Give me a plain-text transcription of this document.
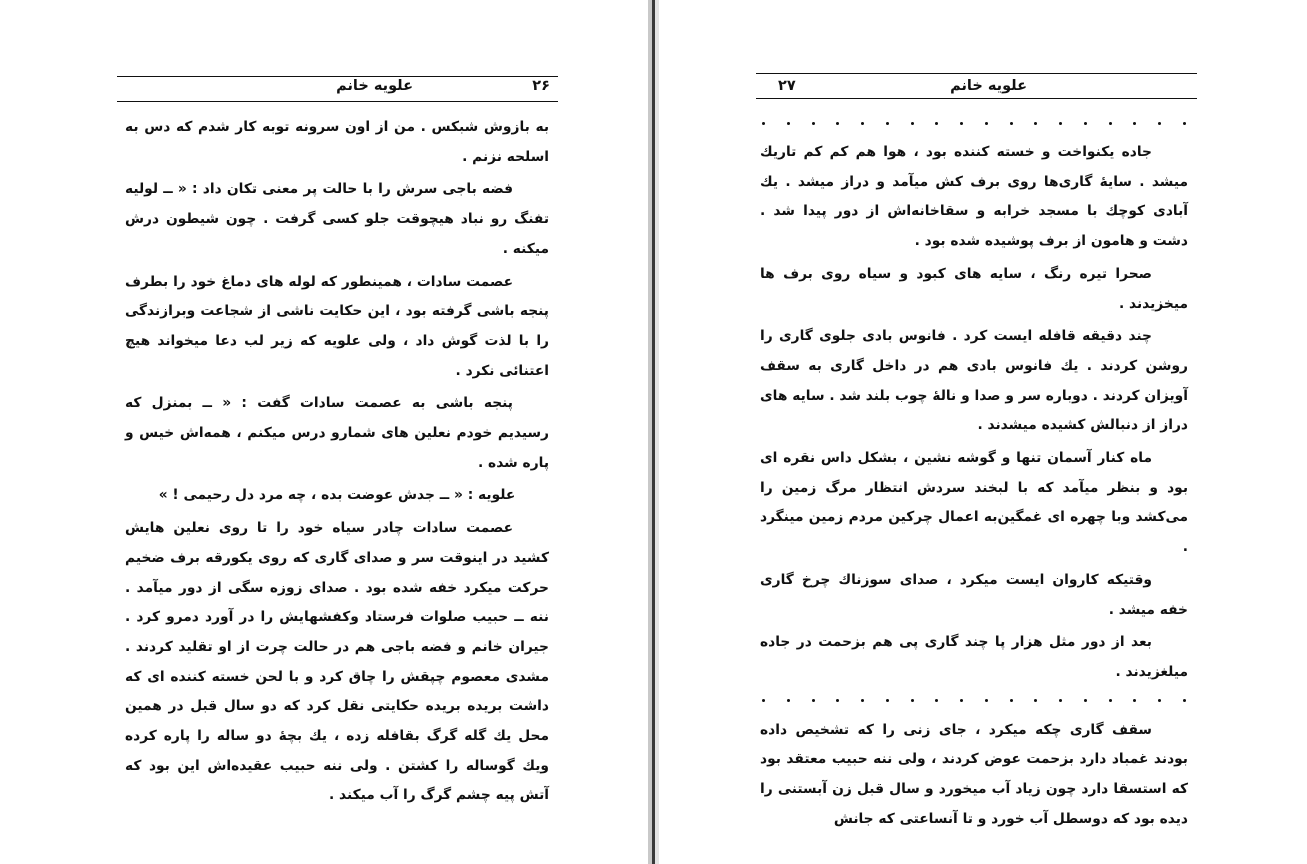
علویه خانم	۲۶

به بازوش شبکس . من از اون سرونه توبه کار شدم که دس به اسلحه نزنم .

فضه باجی سرش را با حالت پر معنی تکان داد : « ــ لولیه تفنگ رو نباد هیچوقت جلو کسی گرفت . چون شیطون درش میکنه .

عصمت سادات ، همینطور که لوله های دماغ خود را بطرف پنجه باشی گرفته بود ، این حکایت ناشی از شجاعت وبرازندگی را با لذت گوش داد ، ولی علویه که زیر لب دعا میخواند هیچ اعتنائی نکرد .

پنجه باشی به عصمت سادات گفت : « ــ بمنزل که رسیدیم خودم نعلین های شمارو درس میکنم ، همه‌اش خیس و پاره شده .

علویه : « ــ جدش عوضت بده ، چه مرد دل رحیمی ! »

عصمت سادات چادر سیاه خود را تا روی نعلین هایش کشید در اینوقت سر و صدای گاری که روی یکورقه برف ضخیم حرکت میکرد خفه شده بود . صدای زوزه سگی از دور میآمد . ننه ــ حبیب صلوات فرستاد وکفشهایش را در آورد دمرو کرد . جیران خانم و فضه باجی هم در حالت چرت از او تقلید کردند . مشدی معصوم چپقش را چاق کرد و با لحن خسته کننده ای که داشت بریده بریده حکایتی نقل کرد که دو سال قبل در همین محل یك گله گرگ بقافله زده ، یك بچهٔ دو ساله را پاره کرده ویك گوساله را کشتن . ولی ننه حبیب عقیده‌اش این بود که آتش پیه چشم گرگ را آب میکند .

علویه خانم
۲۷

جاده یکنواخت و خسته کننده بود ، هوا هم کم کم تاریك میشد . سایهٔ گاری‌ها روی برف کش میآمد و دراز میشد . یك آبادی کوچك با مسجد خرابه و سقاخانه‌اش از دور پیدا شد . دشت و هامون از برف پوشیده شده بود .

صحرا تیره رنگ ، سایه های کبود و سیاه روی برف ها میخزیدند .

چند دقیقه قافله ایست کرد . فانوس بادی جلوی گاری را روشن کردند . یك فانوس بادی هم در داخل گاری به سقف آویزان کردند . دوباره سر و صدا و نالهٔ چوب بلند شد . سایه های دراز از دنبالش کشیده میشدند .

ماه کنار آسمان تنها و گوشه نشین ، بشکل داس نقره ای بود و بنظر میآمد که با لبخند سردش انتظار مرگ زمین را می‌کشد وبا چهره ای غمگین‌به اعمال چرکین مردم زمین مینگرد .

وقتیکه کاروان ایست میکرد ، صدای سوزناك چرخ گاری خفه میشد .

بعد از دور مثل هزار پا چند گاری پی هم بزحمت در جاده میلغزیدند .

سقف گاری چکه میکرد ، جای زنی را که تشخیص داده بودند غمباد دارد بزحمت عوض کردند ، ولی ننه حبیب معتقد بود که استسقا دارد چون زیاد آب میخورد و سال قبل زن آبستنی را دیده بود که دوسطل آب خورد و تا آنساعتی که جانش
